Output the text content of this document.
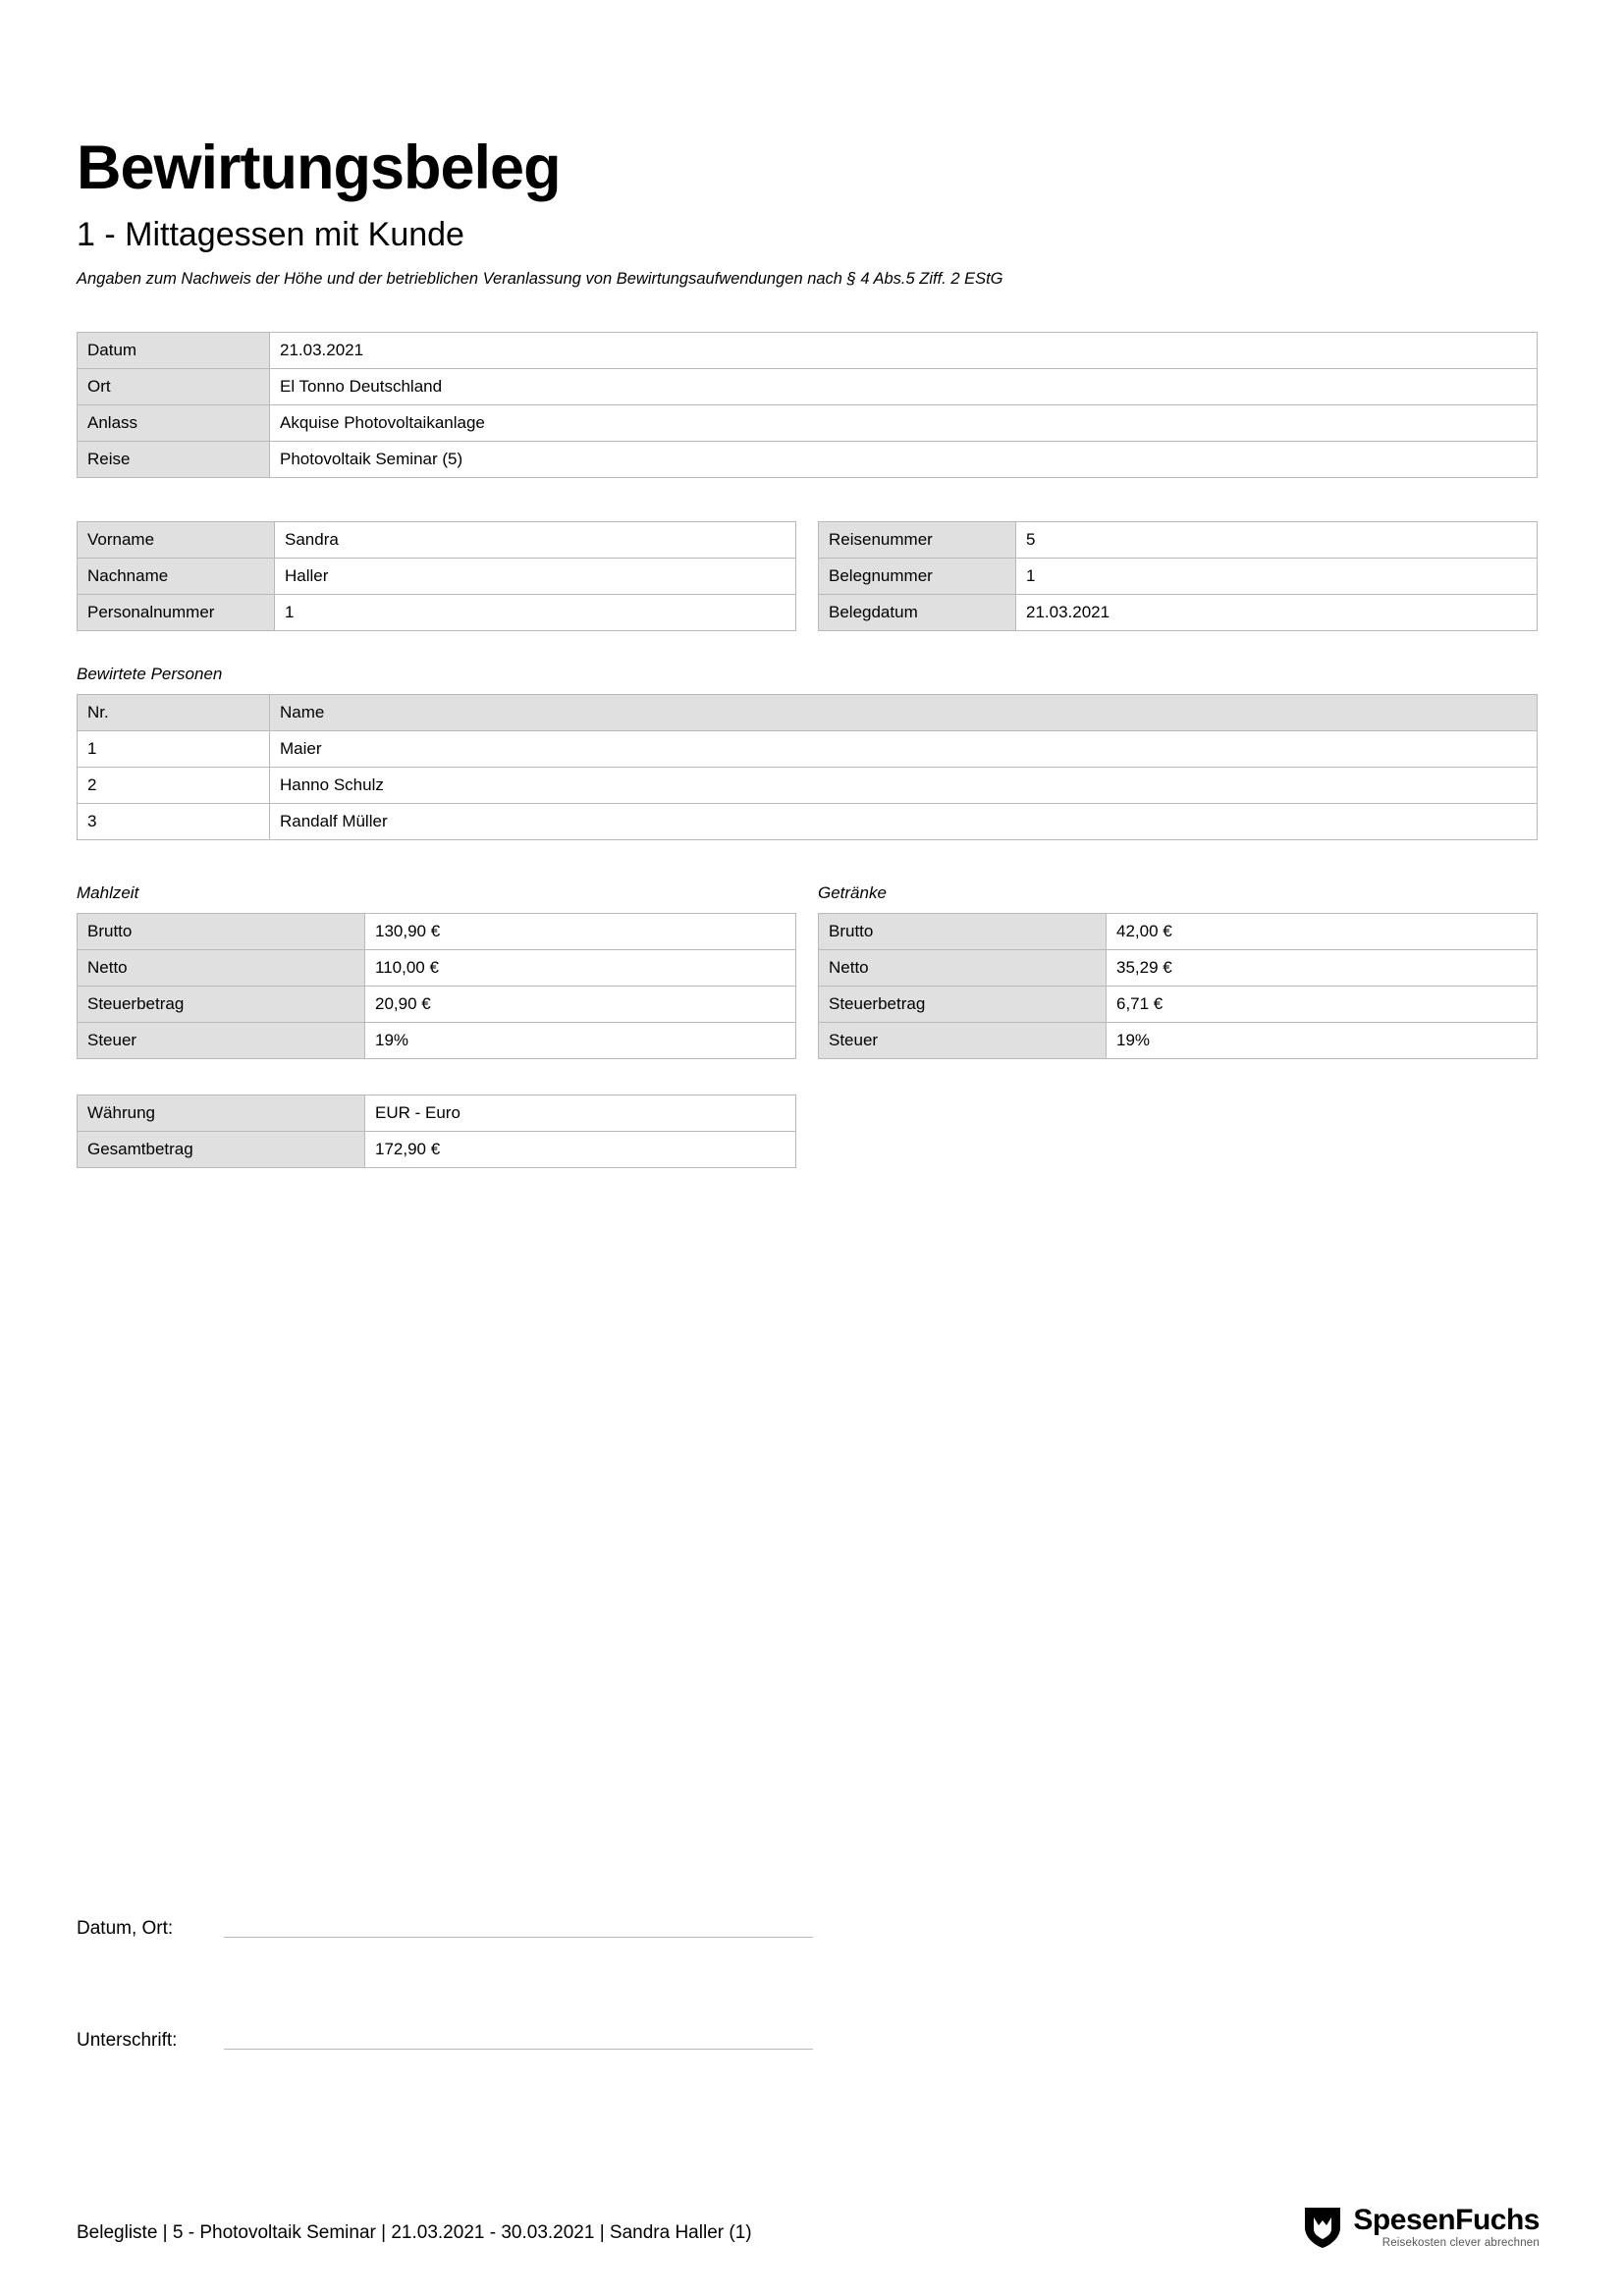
Bewirtungsbeleg
1 - Mittagessen mit Kunde
Angaben zum Nachweis der Höhe und der betrieblichen Veranlassung von Bewirtungsaufwendungen nach § 4 Abs.5 Ziff. 2 EStG
Datum	21.03.2021
Ort	El Tonno Deutschland
Anlass	Akquise Photovoltaikanlage
Reise	Photovoltaik Seminar (5)
Vorname	Sandra
Nachname	Haller
Personalnummer	1
Reisenummer	5
Belegnummer	1
Belegdatum	21.03.2021
Bewirtete Personen
Nr.	Name
1	Maier
2	Hanno Schulz
3	Randalf Müller
Mahlzeit
Brutto	130,90 €
Netto	110,00 €
Steuerbetrag	20,90 €
Steuer	19%
Getränke
Brutto	42,00 €
Netto	35,29 €
Steuerbetrag	6,71 €
Steuer	19%
Währung	EUR - Euro
Gesamtbetrag	172,90 €
Datum, Ort:
Unterschrift:
Belegliste | 5 - Photovoltaik Seminar | 21.03.2021 - 30.03.2021 | Sandra Haller (1)	SpesenFuchs
Reisekosten clever abrechnen
